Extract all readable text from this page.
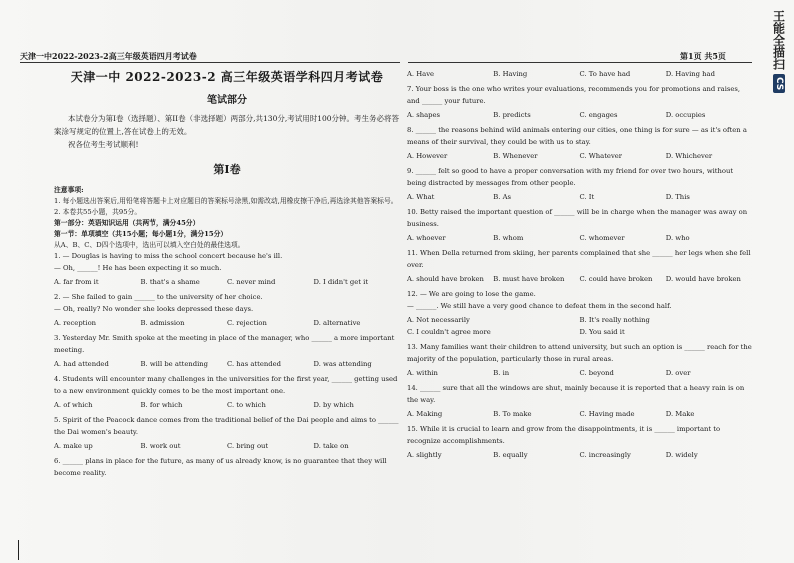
天津一中2022-2023-2高三年级英语四月考试卷	第1页 共5页	王能全描扫
CS
天津一中 2022-2023-2 高三年级英语学科四月考试卷
笔试部分

本试卷分为第I卷（选择题）、第II卷（非选择题）两部分,共130分,考试用时100分钟。考生务必将答案涂写规定的位置上,答在试卷上的无效。

祝各位考生考试顺利!

第I卷

注意事项:

1. 每小题选出答案后,用铅笔将答题卡上对应题目的答案标号涂黑,如需改动,用橡皮擦干净后,再选涂其他答案标号。

2. 本卷共55小题，共95分。

第一部分：英语知识运用（共两节，满分45分）

第一节：单项填空（共15小题；每小题1分，满分15分）

从A、B、C、D四个选项中，选出可以填入空白处的最佳选项。

1. — Douglas is having to miss the school concert because he's ill.

— Oh, ______! He has been expecting it so much.

A. far from it	B. that's a shame	C. never mind	D. I didn't get it

2. — She failed to gain ______ to the university of her choice.

— Oh, really? No wonder she looks depressed these days.

A. reception	B. admission	C. rejection	D. alternative

3. Yesterday Mr. Smith spoke at the meeting in place of the manager, who ______ a more important meeting.

A. had attended	B. will be attending	C. has attended	D. was attending

4. Students will encounter many challenges in the universities for the first year, ______ getting used to a new environment quickly comes to be the most important one.

A. of which	B. for which	C. to which	D. by which

5. Spirit of the Peacock dance comes from the traditional belief of the Dai people and aims to ______ the Dai women's beauty.

A. make up	B. work out	C. bring out	D. take on

6. ______ plans in place for the future, as many of us already know, is no guarantee that they will become reality.

A. Have	B. Having	C. To have had	D. Having had

7. Your boss is the one who writes your evaluations, recommends you for promotions and raises, and ______ your future.

A. shapes	B. predicts	C. engages	D. occupies

8. ______ the reasons behind wild animals entering our cities, one thing is for sure — as it's often a means of their survival, they could be with us to stay.

A. However	B. Whenever	C. Whatever	D. Whichever

9. ______ felt so good to have a proper conversation with my friend for over two hours, without being distracted by messages from other people.

A. What	B. As	C. It	D. This

10. Betty raised the important question of ______ will be in charge when the manager was away on business.

A. whoever	B. whom	C. whomever	D. who

11. When Della returned from skiing, her parents complained that she ______ her legs when she fell over.

A. should have broken	B. must have broken	C. could have broken	D. would have broken

12. — We are going to lose the game.

— ______. We still have a very good chance to defeat them in the second half.

A. Not necessarily	B. It's really nothing
C. I couldn't agree more	D. You said it

13. Many families want their children to attend university, but such an option is ______ reach for the majority of the population, particularly those in rural areas.

A. within	B. in	C. beyond	D. over

14. ______ sure that all the windows are shut, mainly because it is reported that a heavy rain is on the way.

A. Making	B. To make	C. Having made	D. Make

15. While it is crucial to learn and grow from the disappointments, it is ______ important to recognize accomplishments.

A. slightly	B. equally	C. increasingly	D. widely
